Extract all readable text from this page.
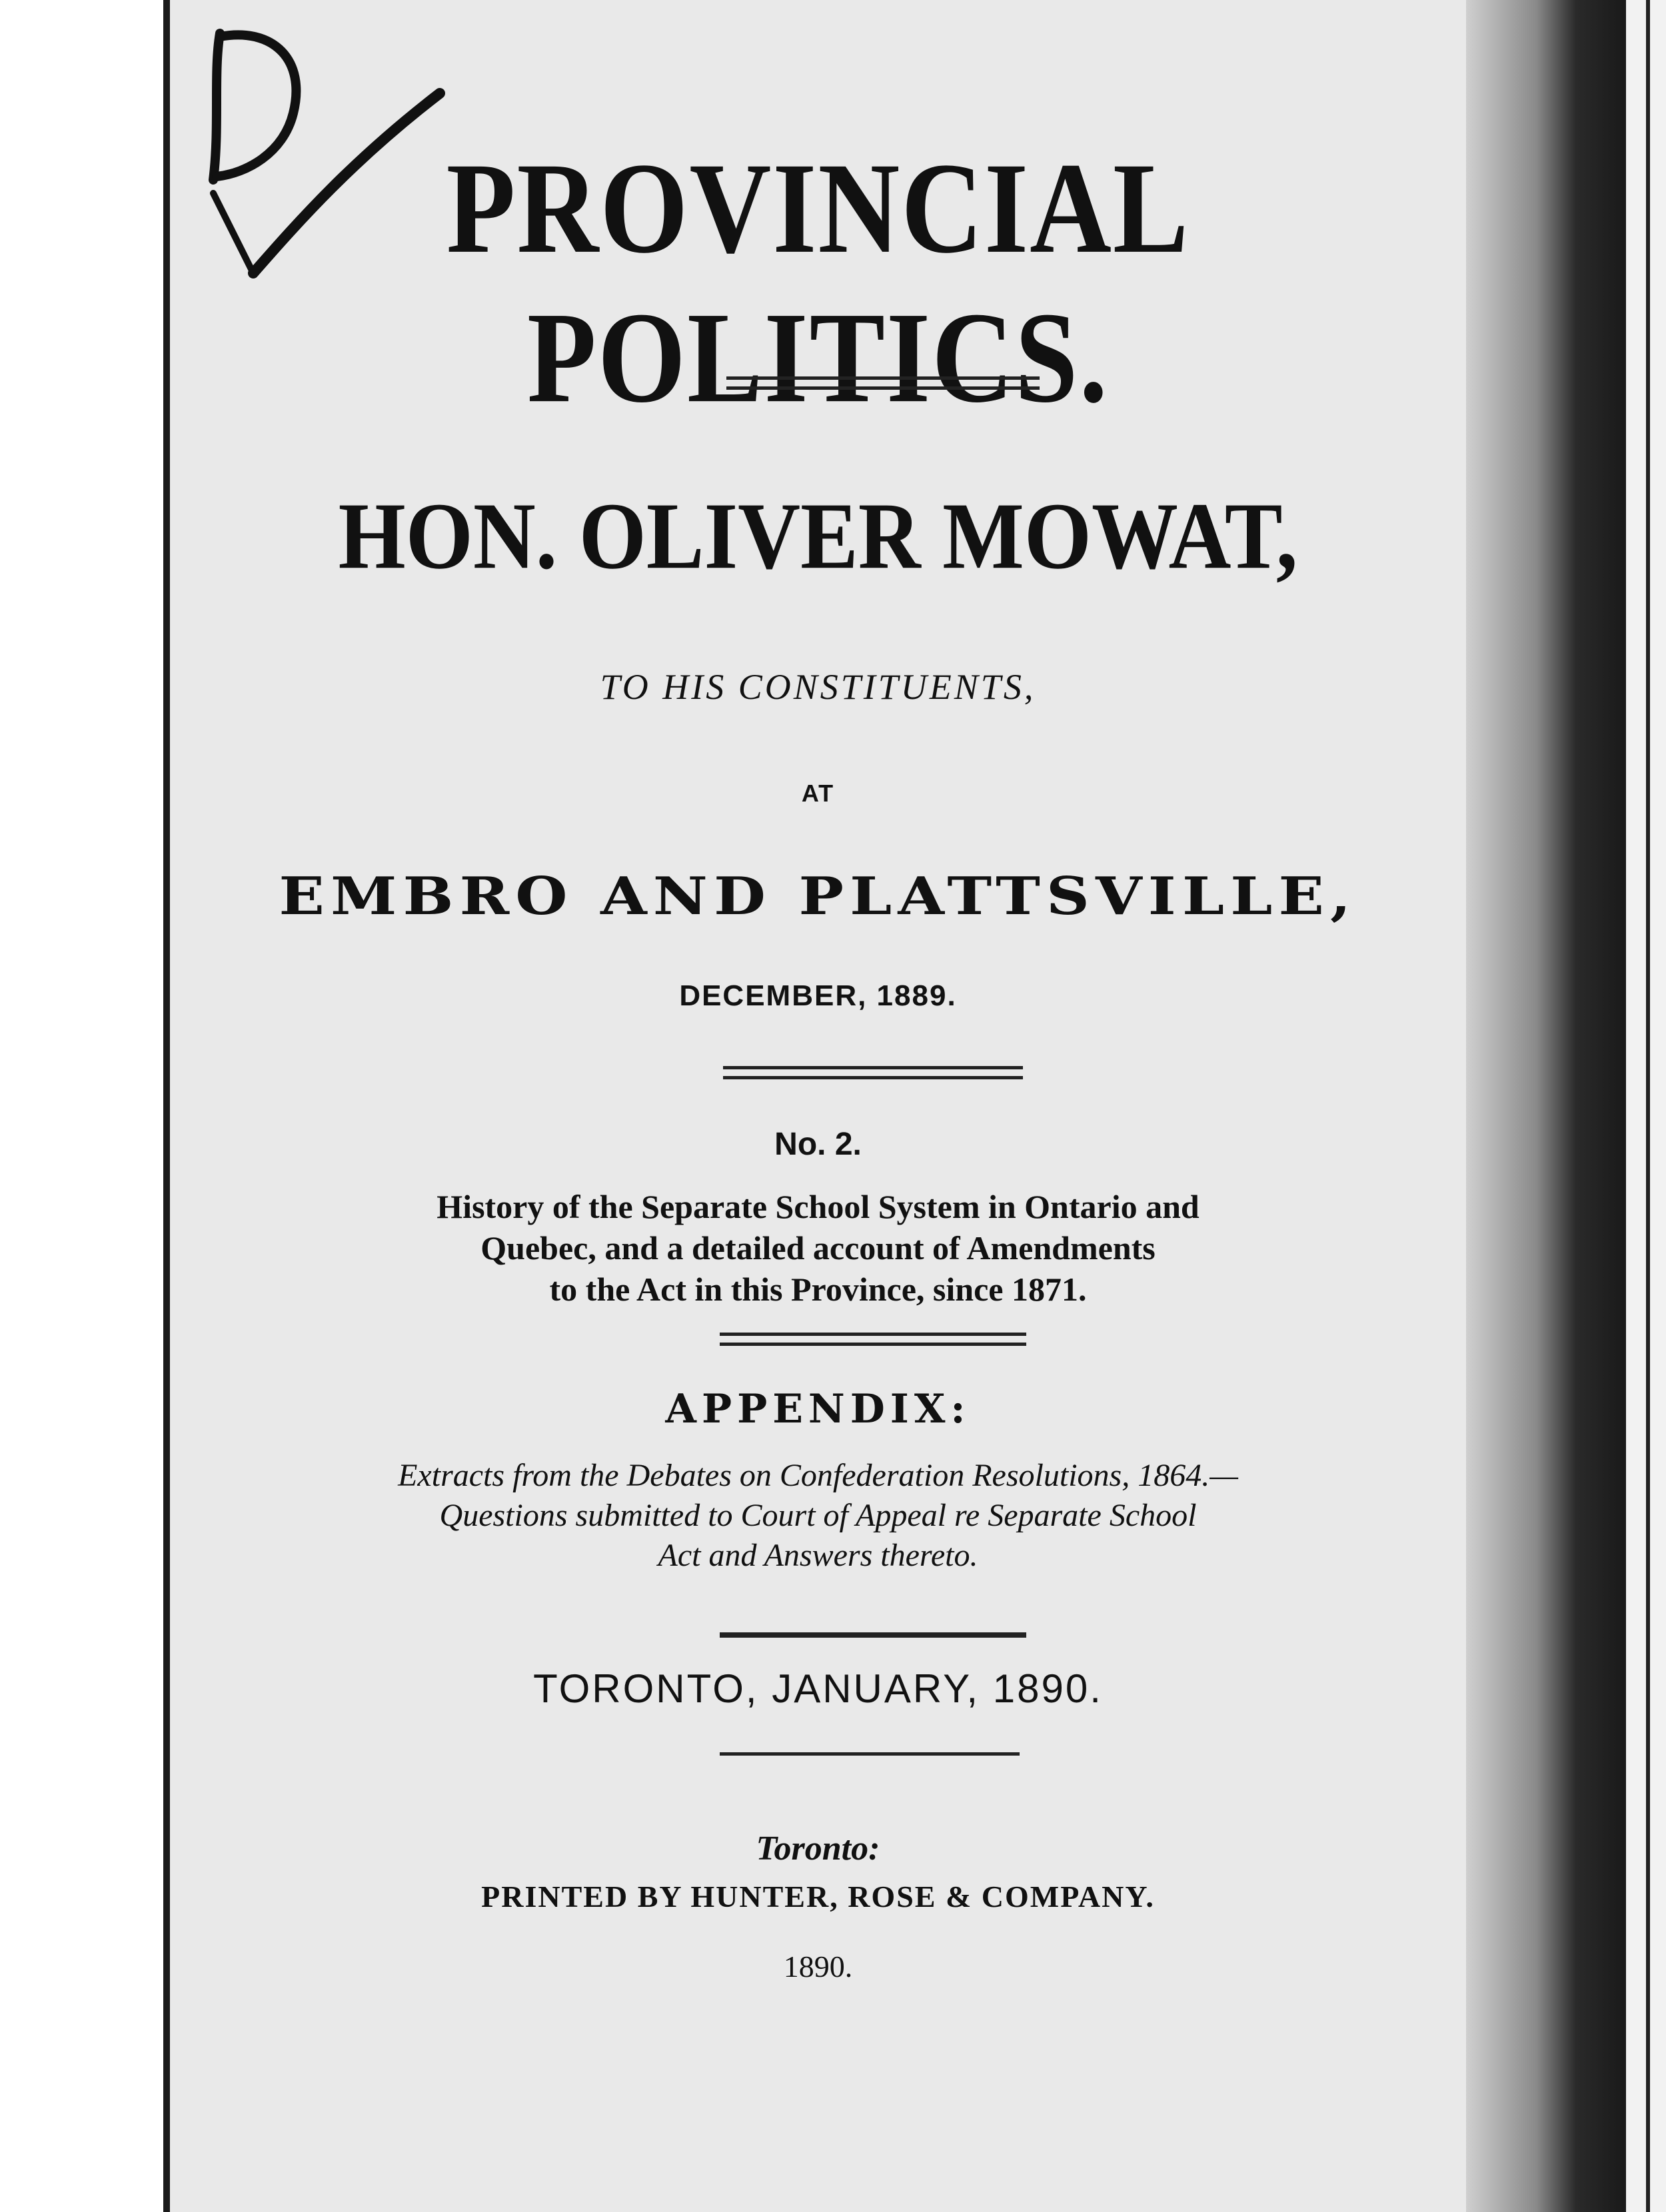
PROVINCIAL POLITICS.
HON. OLIVER MOWAT,
TO HIS CONSTITUENTS,
AT
EMBRO AND PLATTSVILLE,
DECEMBER, 1889.
No. 2.
History of the Separate School System in Ontario and
Quebec, and a detailed account of Amendments
to the Act in this Province, since 1871.
APPENDIX:
Extracts from the Debates on Confederation Resolutions, 1864.—
Questions submitted to Court of Appeal re Separate School
Act and Answers thereto.
TORONTO, JANUARY, 1890.
Toronto:
PRINTED BY HUNTER, ROSE & COMPANY.
1890.
